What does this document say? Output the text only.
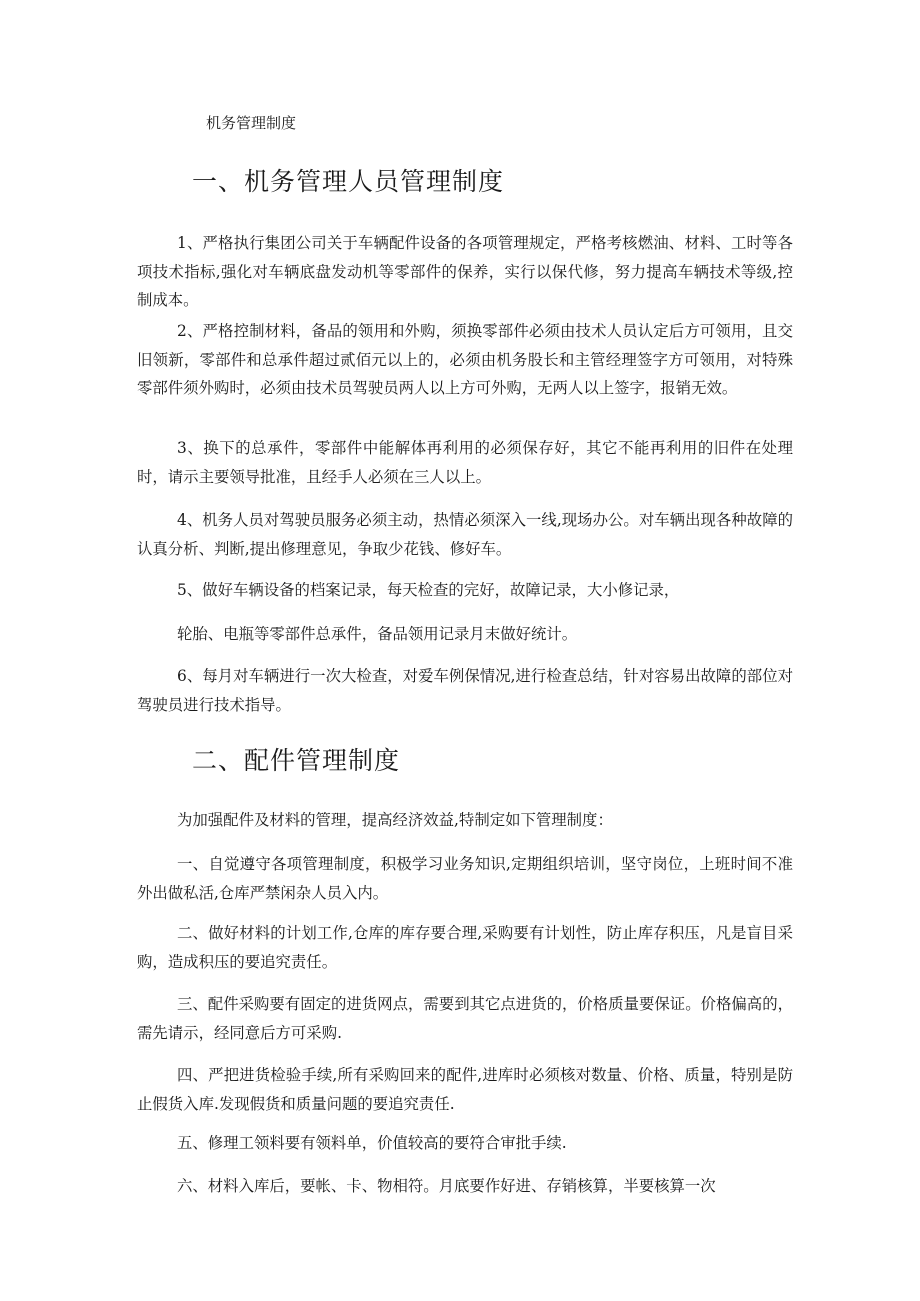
机务管理制度
一、机务管理人员管理制度

1、严格执行集团公司关于车辆配件设备的各项管理规定，严格考核燃油、材料、工时等各项技术指标,强化对车辆底盘发动机等零部件的保养，实行以保代修，努力提高车辆技术等级,控制成本。

2、严格控制材料，备品的领用和外购，须换零部件必须由技术人员认定后方可领用，且交旧领新，零部件和总承件超过贰佰元以上的，必须由机务股长和主管经理签字方可领用，对特殊零部件须外购时，必须由技术员驾驶员两人以上方可外购，无两人以上签字，报销无效。

3、换下的总承件，零部件中能解体再利用的必须保存好，其它不能再利用的旧件在处理时，请示主要领导批准，且经手人必须在三人以上。

4、机务人员对驾驶员服务必须主动，热情必须深入一线,现场办公。对车辆出现各种故障的认真分析、判断,提出修理意见，争取少花钱、修好车。

5、做好车辆设备的档案记录，每天检查的完好，故障记录，大小修记录，

轮胎、电瓶等零部件总承件，备品领用记录月末做好统计。

6、每月对车辆进行一次大检查，对爱车例保情况,进行检查总结，针对容易出故障的部位对驾驶员进行技术指导。

二、配件管理制度

为加强配件及材料的管理，提高经济效益,特制定如下管理制度：

一、自觉遵守各项管理制度，积极学习业务知识,定期组织培训，坚守岗位，上班时间不准外出做私活,仓库严禁闲杂人员入内。

二、做好材料的计划工作,仓库的库存要合理,采购要有计划性，防止库存积压，凡是盲目采购，造成积压的要追究责任。

三、配件采购要有固定的进货网点，需要到其它点进货的，价格质量要保证。价格偏高的，需先请示，经同意后方可采购.

四、严把进货检验手续,所有采购回来的配件,进库时必须核对数量、价格、质量，特别是防止假货入库.发现假货和质量问题的要追究责任.

五、修理工领料要有领料单，价值较高的要符合审批手续.

六、材料入库后，要帐、卡、物相符。月底要作好进、存销核算，半要核算一次
